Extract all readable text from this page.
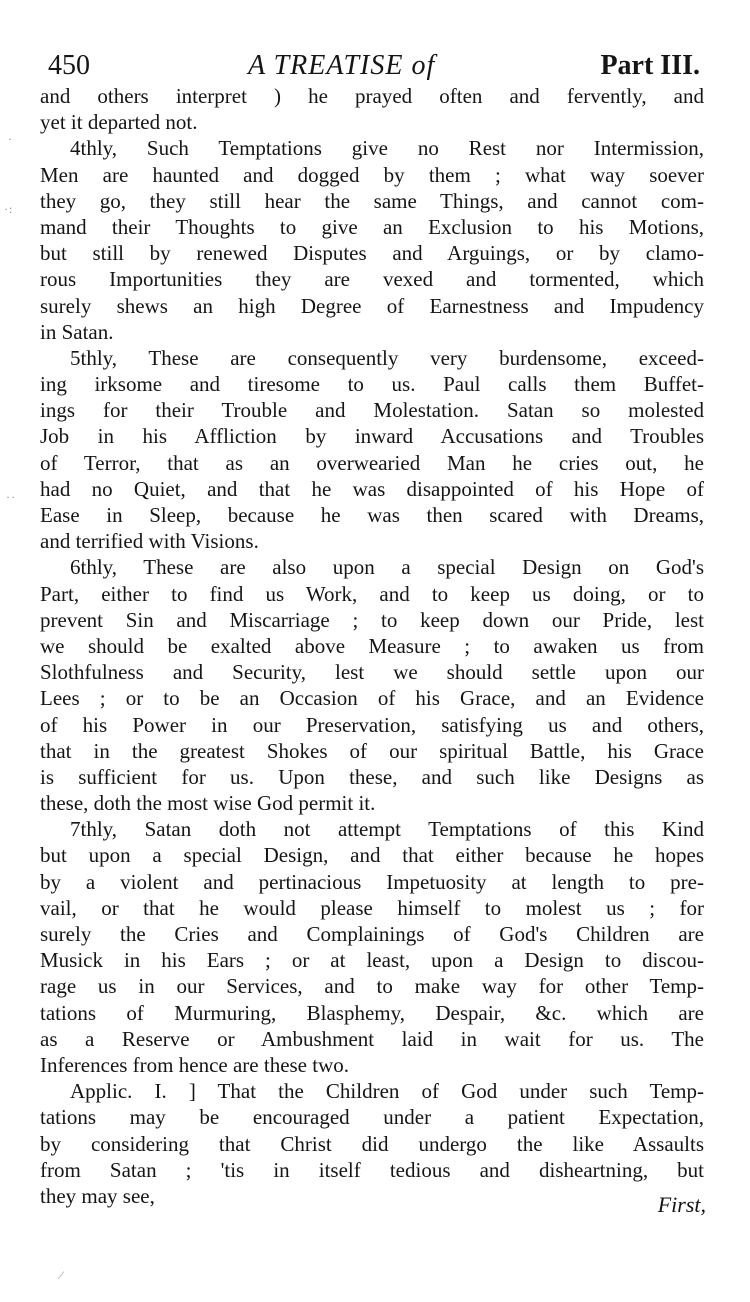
450	A TREATISE of	Part III.
and others interpret ) he prayed often and fervently, and
yet it departed not.
4thly, Such Temptations give no Rest nor Intermission,
Men are haunted and dogged by them ; what way soever
they go, they still hear the same Things, and cannot com-
mand their Thoughts to give an Exclusion to his Motions,
but still by renewed Disputes and Arguings, or by clamo-
rous Importunities they are vexed and tormented, which
surely shews an high Degree of Earnestness and Impudency
in Satan.
5thly, These are consequently very burdensome, exceed-
ing irksome and tiresome to us. Paul calls them Buffet-
ings for their Trouble and Molestation. Satan so molested
Job in his Affliction by inward Accusations and Troubles
of Terror, that as an overwearied Man he cries out, he
had no Quiet, and that he was disappointed of his Hope of
Ease in Sleep, because he was then scared with Dreams,
and terrified with Visions.
6thly, These are also upon a special Design on God's
Part, either to find us Work, and to keep us doing, or to
prevent Sin and Miscarriage ; to keep down our Pride, lest
we should be exalted above Measure ; to awaken us from
Slothfulness and Security, lest we should settle upon our
Lees ; or to be an Occasion of his Grace, and an Evidence
of his Power in our Preservation, satisfying us and others,
that in the greatest Shokes of our spiritual Battle, his Grace
is sufficient for us. Upon these, and such like Designs as
these, doth the most wise God permit it.
7thly, Satan doth not attempt Temptations of this Kind
but upon a special Design, and that either because he hopes
by a violent and pertinacious Impetuosity at length to pre-
vail, or that he would please himself to molest us ; for
surely the Cries and Complainings of God's Children are
Musick in his Ears ; or at least, upon a Design to discou-
rage us in our Services, and to make way for other Temp-
tations of Murmuring, Blasphemy, Despair, &c. which are
as a Reserve or Ambushment laid in wait for us. The
Inferences from hence are these two.
Applic. I. ] That the Children of God under such Temp-
tations may be encouraged under a patient Expectation,
by considering that Christ did undergo the like Assaults
from Satan ; 'tis in itself tedious and disheartning, but
they may see,	First,
·
·:
··
⁄
